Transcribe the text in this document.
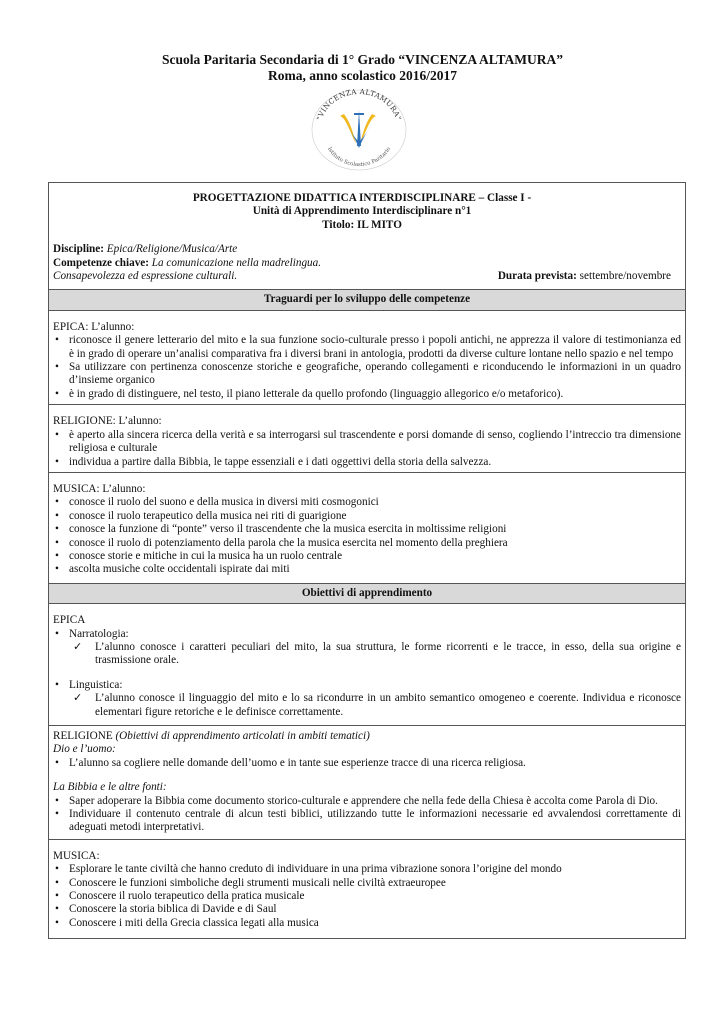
Scuola Paritaria Secondaria di 1° Grado “VINCENZA ALTAMURA”
Roma, anno scolastico 2016/2017
"VINCENZA ALTAMURA"
Istituto Scolastico Paritario
PROGETTAZIONE DIDATTICA INTERDISCIPLINARE – Classe I -
Unità di Apprendimento Interdisciplinare n°1
Titolo: IL MITO

Discipline: Epica/Religione/Musica/Arte

Competenze chiave: La comunicazione nella madrelingua.

Consapevolezza ed espressione culturali.	Durata prevista: settembre/novembre

Traguardi per lo sviluppo delle competenze

EPICA: L’alunno:
• riconosce il genere letterario del mito e la sua funzione socio-culturale presso i popoli antichi, ne apprezza il valore di testimonianza ed è in grado di operare un’analisi comparativa fra i diversi brani in antologia, prodotti da diverse culture lontane nello spazio e nel tempo
• Sa utilizzare con pertinenza conoscenze storiche e geografiche, operando collegamenti e riconducendo le informazioni in un quadro d’insieme organico
• è in grado di distinguere, nel testo, il piano letterale da quello profondo (linguaggio allegorico e/o metaforico).

RELIGIONE: L’alunno:
• è aperto alla sincera ricerca della verità e sa interrogarsi sul trascendente e porsi domande di senso, cogliendo l’intreccio tra dimensione religiosa e culturale
• individua a partire dalla Bibbia, le tappe essenziali e i dati oggettivi della storia della salvezza.

MUSICA: L’alunno:
• conosce il ruolo del suono e della musica in diversi miti cosmogonici
• conosce il ruolo terapeutico della musica nei riti di guarigione
• conosce la funzione di “ponte” verso il trascendente che la musica esercita in moltissime religioni
• conosce il ruolo di potenziamento della parola che la musica esercita nel momento della preghiera
• conosce storie e mitiche in cui la musica ha un ruolo centrale
• ascolta musiche colte occidentali ispirate dai miti

Obiettivi di apprendimento

EPICA
• Narratologia:
✓ L’alunno conosce i caratteri peculiari del mito, la sua struttura, le forme ricorrenti e le tracce, in esso, della sua origine e trasmissione orale.
• Linguistica:
✓ L’alunno conosce il linguaggio del mito e lo sa ricondurre in un ambito semantico omogeneo e coerente. Individua e riconosce elementari figure retoriche e le definisce correttamente.

RELIGIONE (Obiettivi di apprendimento articolati in ambiti tematici)
Dio e l’uomo:
• L’alunno sa cogliere nelle domande dell’uomo e in tante sue esperienze tracce di una ricerca religiosa.
La Bibbia e le altre fonti:
• Saper adoperare la Bibbia come documento storico-culturale e apprendere che nella fede della Chiesa è accolta come Parola di Dio.
• Individuare il contenuto centrale di alcun testi biblici, utilizzando tutte le informazioni necessarie ed avvalendosi correttamente di adeguati metodi interpretativi.

MUSICA:
• Esplorare le tante civiltà che hanno creduto di individuare in una prima vibrazione sonora l’origine del mondo
• Conoscere le funzioni simboliche degli strumenti musicali nelle civiltà extraeuropee
• Conoscere il ruolo terapeutico della pratica musicale
• Conoscere la storia biblica di Davide e di Saul
• Conoscere i miti della Grecia classica legati alla musica
